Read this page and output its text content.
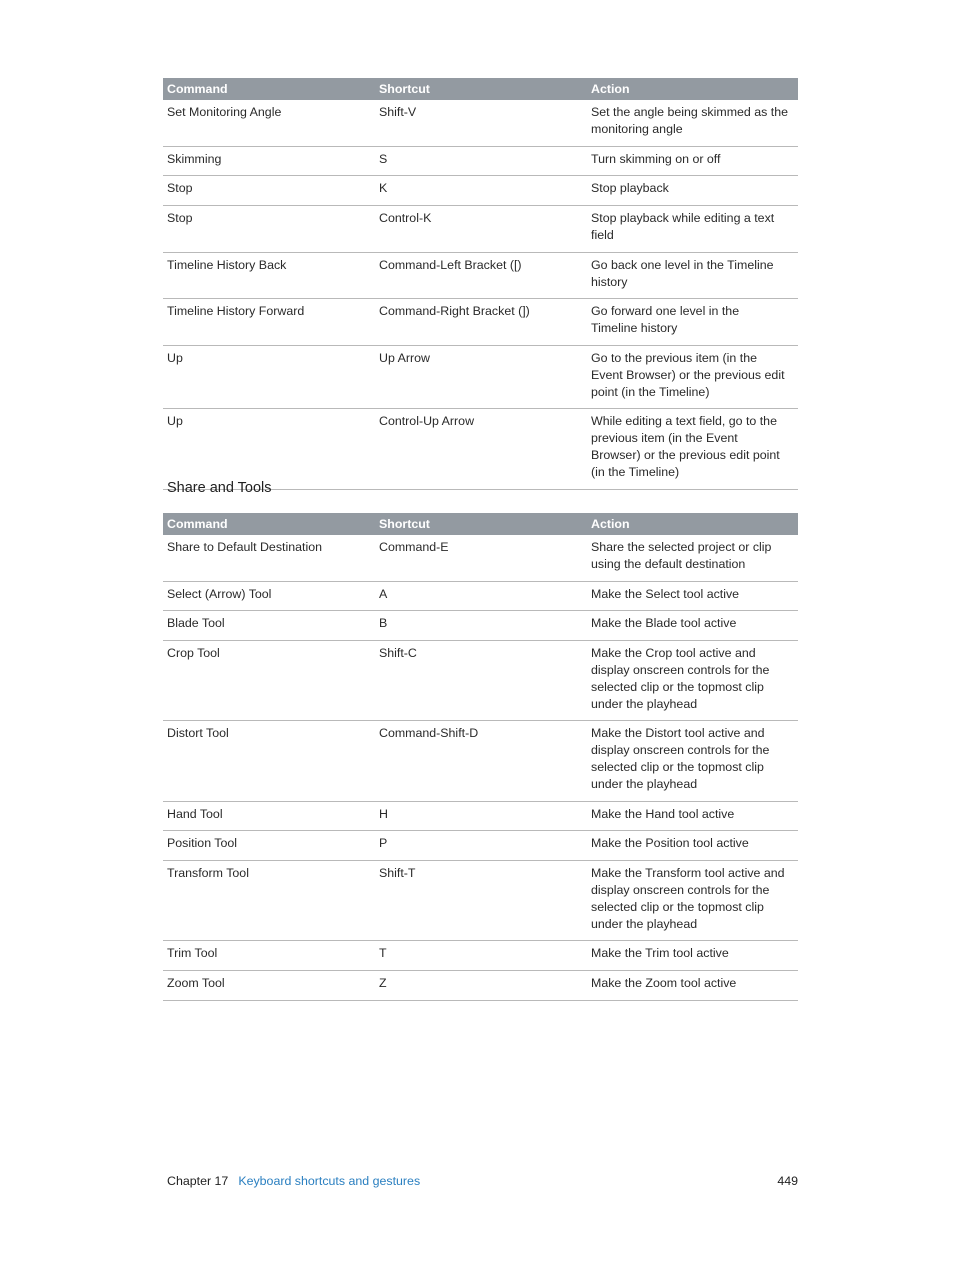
Command	Shortcut	Action
Set Monitoring Angle	Shift-V	Set the angle being skimmed as the monitoring angle
Skimming	S	Turn skimming on or off
Stop	K	Stop playback
Stop	Control-K	Stop playback while editing a text field
Timeline History Back	Command-Left Bracket ([)	Go back one level in the Timeline history
Timeline History Forward	Command-Right Bracket (])	Go forward one level in the Timeline history
Up	Up Arrow	Go to the previous item (in the Event Browser) or the previous edit point (in the Timeline)
Up	Control-Up Arrow	While editing a text field, go to the previous item (in the Event Browser) or the previous edit point (in the Timeline)
Share and Tools
Command	Shortcut	Action
Share to Default Destination	Command-E	Share the selected project or clip using the default destination
Select (Arrow) Tool	A	Make the Select tool active
Blade Tool	B	Make the Blade tool active
Crop Tool	Shift-C	Make the Crop tool active and display onscreen controls for the selected clip or the topmost clip under the playhead
Distort Tool	Command-Shift-D	Make the Distort tool active and display onscreen controls for the selected clip or the topmost clip under the playhead
Hand Tool	H	Make the Hand tool active
Position Tool	P	Make the Position tool active
Transform Tool	Shift-T	Make the Transform tool active and display onscreen controls for the selected clip or the topmost clip under the playhead
Trim Tool	T	Make the Trim tool active
Zoom Tool	Z	Make the Zoom tool active
Chapter 17 Keyboard shortcuts and gestures	449
